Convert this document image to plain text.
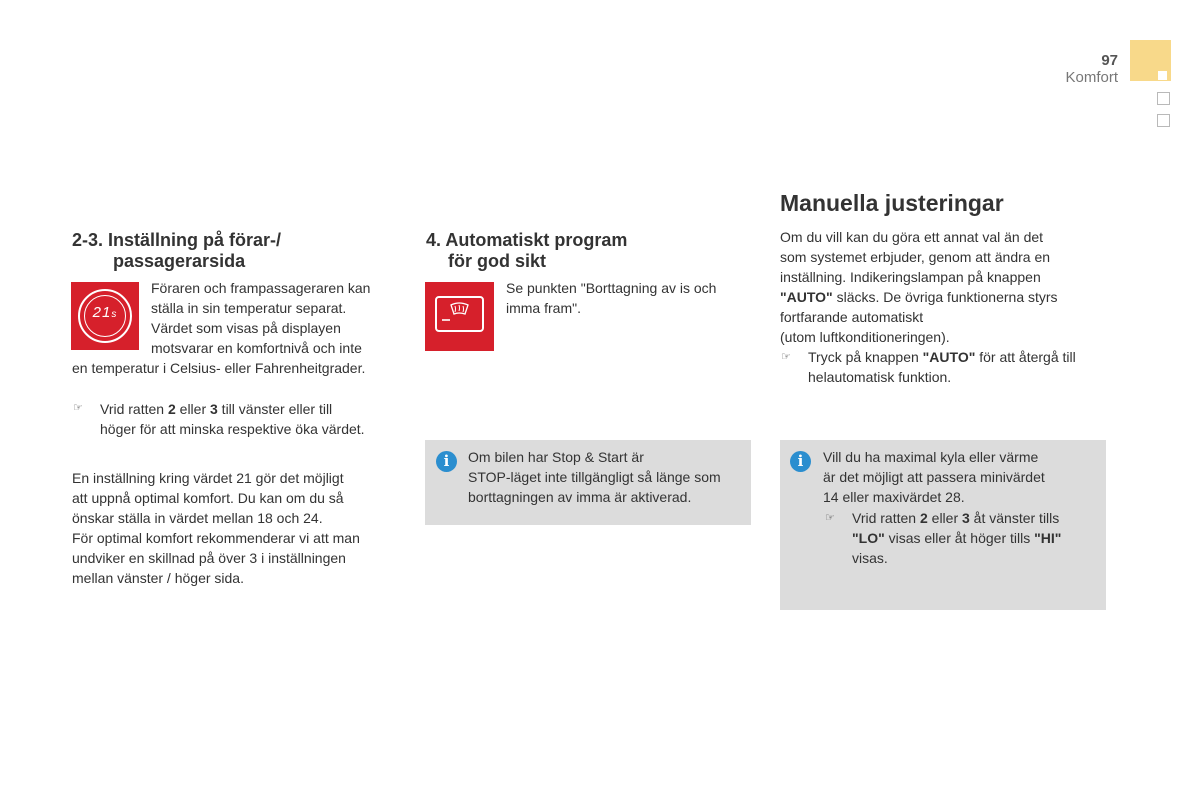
97
Komfort
2-3. Inställning på förar-/
passagerarsida
21s
Föraren och frampassageraren kan
ställa in sin temperatur separat.
Värdet som visas på displayen
motsvarar en komfortnivå och inte
en temperatur i Celsius- eller Fahrenheitgrader.
☞ Vrid ratten 2 eller 3 till vänster eller till
höger för att minska respektive öka värdet.
En inställning kring värdet 21 gör det möjligt
att uppnå optimal komfort. Du kan om du så
önskar ställa in värdet mellan 18 och 24.
För optimal komfort rekommenderar vi att man
undviker en skillnad på över 3 i inställningen
mellan vänster / höger sida.
4. Automatiskt program
för god sikt
Se punkten "Borttagning av is och
imma fram".
i	Om bilen har Stop & Start är
STOP-läget inte tillgängligt så länge som
borttagningen av imma är aktiverad.
Manuella justeringar
Om du vill kan du göra ett annat val än det
som systemet erbjuder, genom att ändra en
inställning. Indikeringslampan på knappen
"AUTO" släcks. De övriga funktionerna styrs
fortfarande automatiskt
(utom luftkonditioneringen).
☞ Tryck på knappen "AUTO" för att återgå till
helautomatisk funktion.
i	Vill du ha maximal kyla eller värme
är det möjligt att passera minivärdet
14 eller maxivärdet 28.
☞ Vrid ratten 2 eller 3 åt vänster tills
"LO" visas eller åt höger tills "HI"
visas.
